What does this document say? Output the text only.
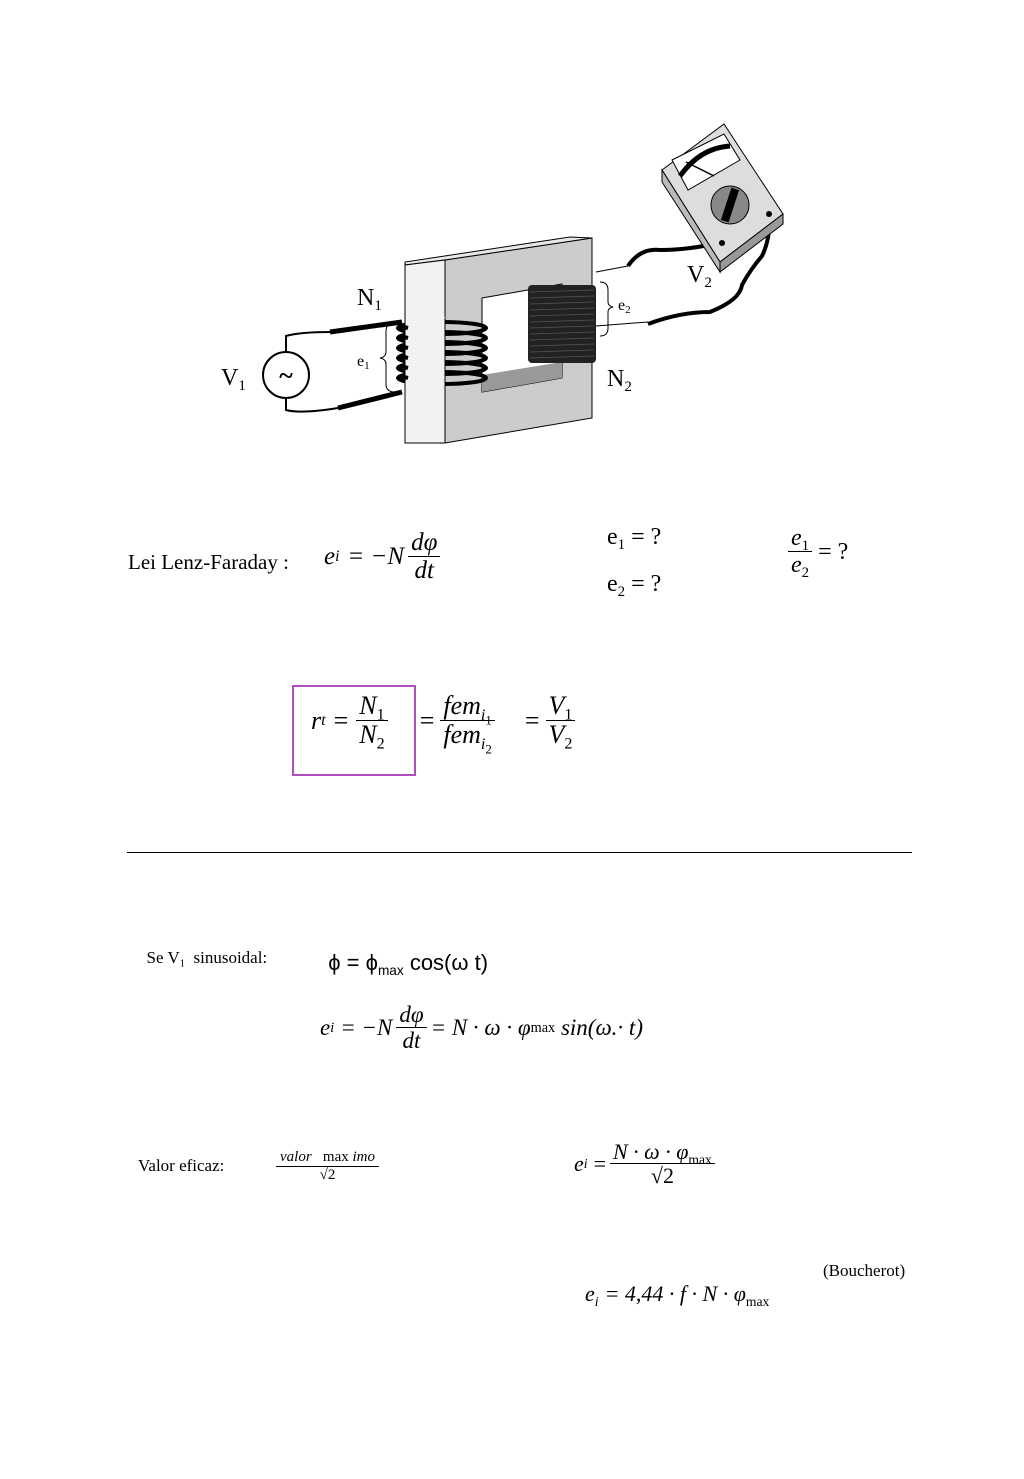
~
$N_1$
$N_2$
$V_1$
$V_2$
e1
e2
Lei Lenz-Faraday : e $i = -N \frac{d\varphi}{dt}$	$e_1$ = ?
$e_2$ = ?
$\frac{e_1}{e_2}$ = ?
r $t = \frac{N_1}{N_2} = \frac{fem_{i_1}}{fem_{i_2}} = \frac{V_1}{V_2}$

Se $V_1$  sinusoidal:	$\phi = \phi_{max}$ cos(ω t)

e $i = -N \frac{d\varphi}{dt} = N \cdot \omega \cdot \varphi$ max sin(ω.· t)
Valor eficaz:	$\frac{\text{valor max imo}}{√2}$	e $i = \frac{N \cdot \omega \cdot \varphi_{max}}{√2}$

$e_i = 4,44 \cdot f \cdot N \cdot \varphi_{max}$

(Boucherot)
